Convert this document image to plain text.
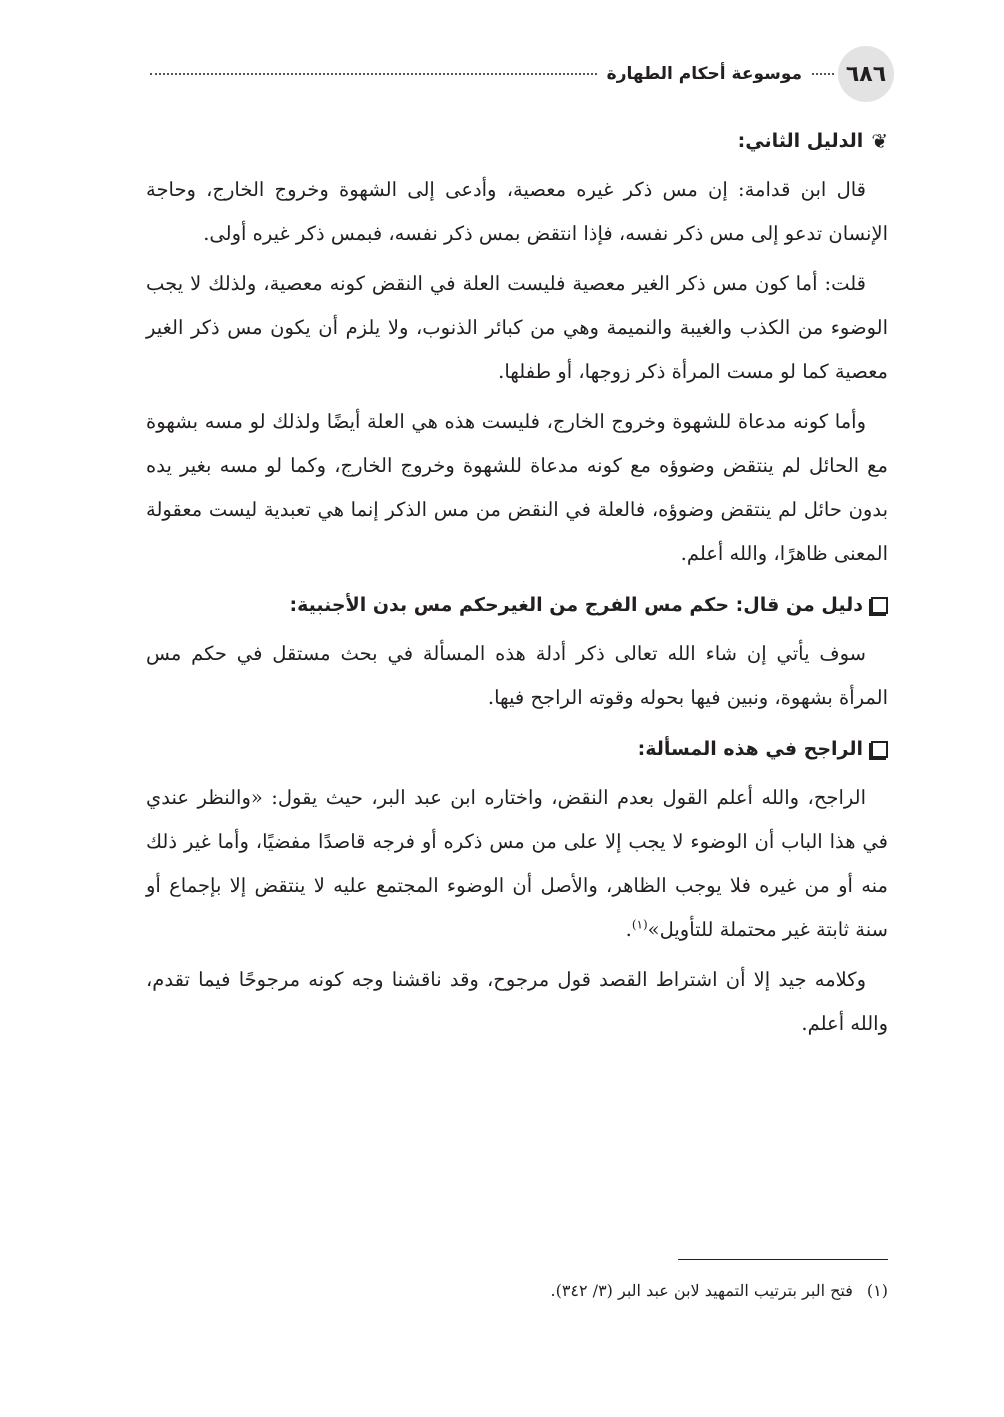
٦٨٦
موسوعة أحكام الطهارة
❦
الدليل الثاني:

قال ابن قدامة: إن مس ذكر غيره معصية، وأدعى إلى الشهوة وخروج الخارج، وحاجة الإنسان تدعو إلى مس ذكر نفسه، فإذا انتقض بمس ذكر نفسه، فبمس ذكر غيره أولى.

قلت: أما كون مس ذكر الغير معصية فليست العلة في النقض كونه معصية، ولذلك لا يجب الوضوء من الكذب والغيبة والنميمة وهي من كبائر الذنوب، ولا يلزم أن يكون مس ذكر الغير معصية كما لو مست المرأة ذكر زوجها، أو طفلها.

وأما كونه مدعاة للشهوة وخروج الخارج، فليست هذه هي العلة أيضًا ولذلك لو مسه بشهوة مع الحائل لم ينتقض وضوؤه مع كونه مدعاة للشهوة وخروج الخارج، وكما لو مسه بغير يده بدون حائل لم ينتقض وضوؤه، فالعلة في النقض من مس الذكر إنما هي تعبدية ليست معقولة المعنى ظاهرًا، والله أعلم.

دليل من قال: حكم مس الفرج من الغيرحكم مس بدن الأجنبية:

سوف يأتي إن شاء الله تعالى ذكر أدلة هذه المسألة في بحث مستقل في حكم مس المرأة بشهوة، ونبين فيها بحوله وقوته الراجح فيها.

الراجح في هذه المسألة:

الراجح، والله أعلم القول بعدم النقض، واختاره ابن عبد البر، حيث يقول: «والنظر عندي في هذا الباب أن الوضوء لا يجب إلا على من مس ذكره أو فرجه قاصدًا مفضيًا، وأما غير ذلك منه أو من غيره فلا يوجب الظاهر، والأصل أن الوضوء المجتمع عليه لا ينتقض إلا بإجماع أو سنة ثابتة غير محتملة للتأويل»$^{(١)}$.

وكلامه جيد إلا أن اشتراط القصد قول مرجوح، وقد ناقشنا وجه كونه مرجوحًا فيما تقدم، والله أعلم.

(١)
فتح البر بترتيب التمهيد لابن عبد البر (٣/ ٣٤٢).
